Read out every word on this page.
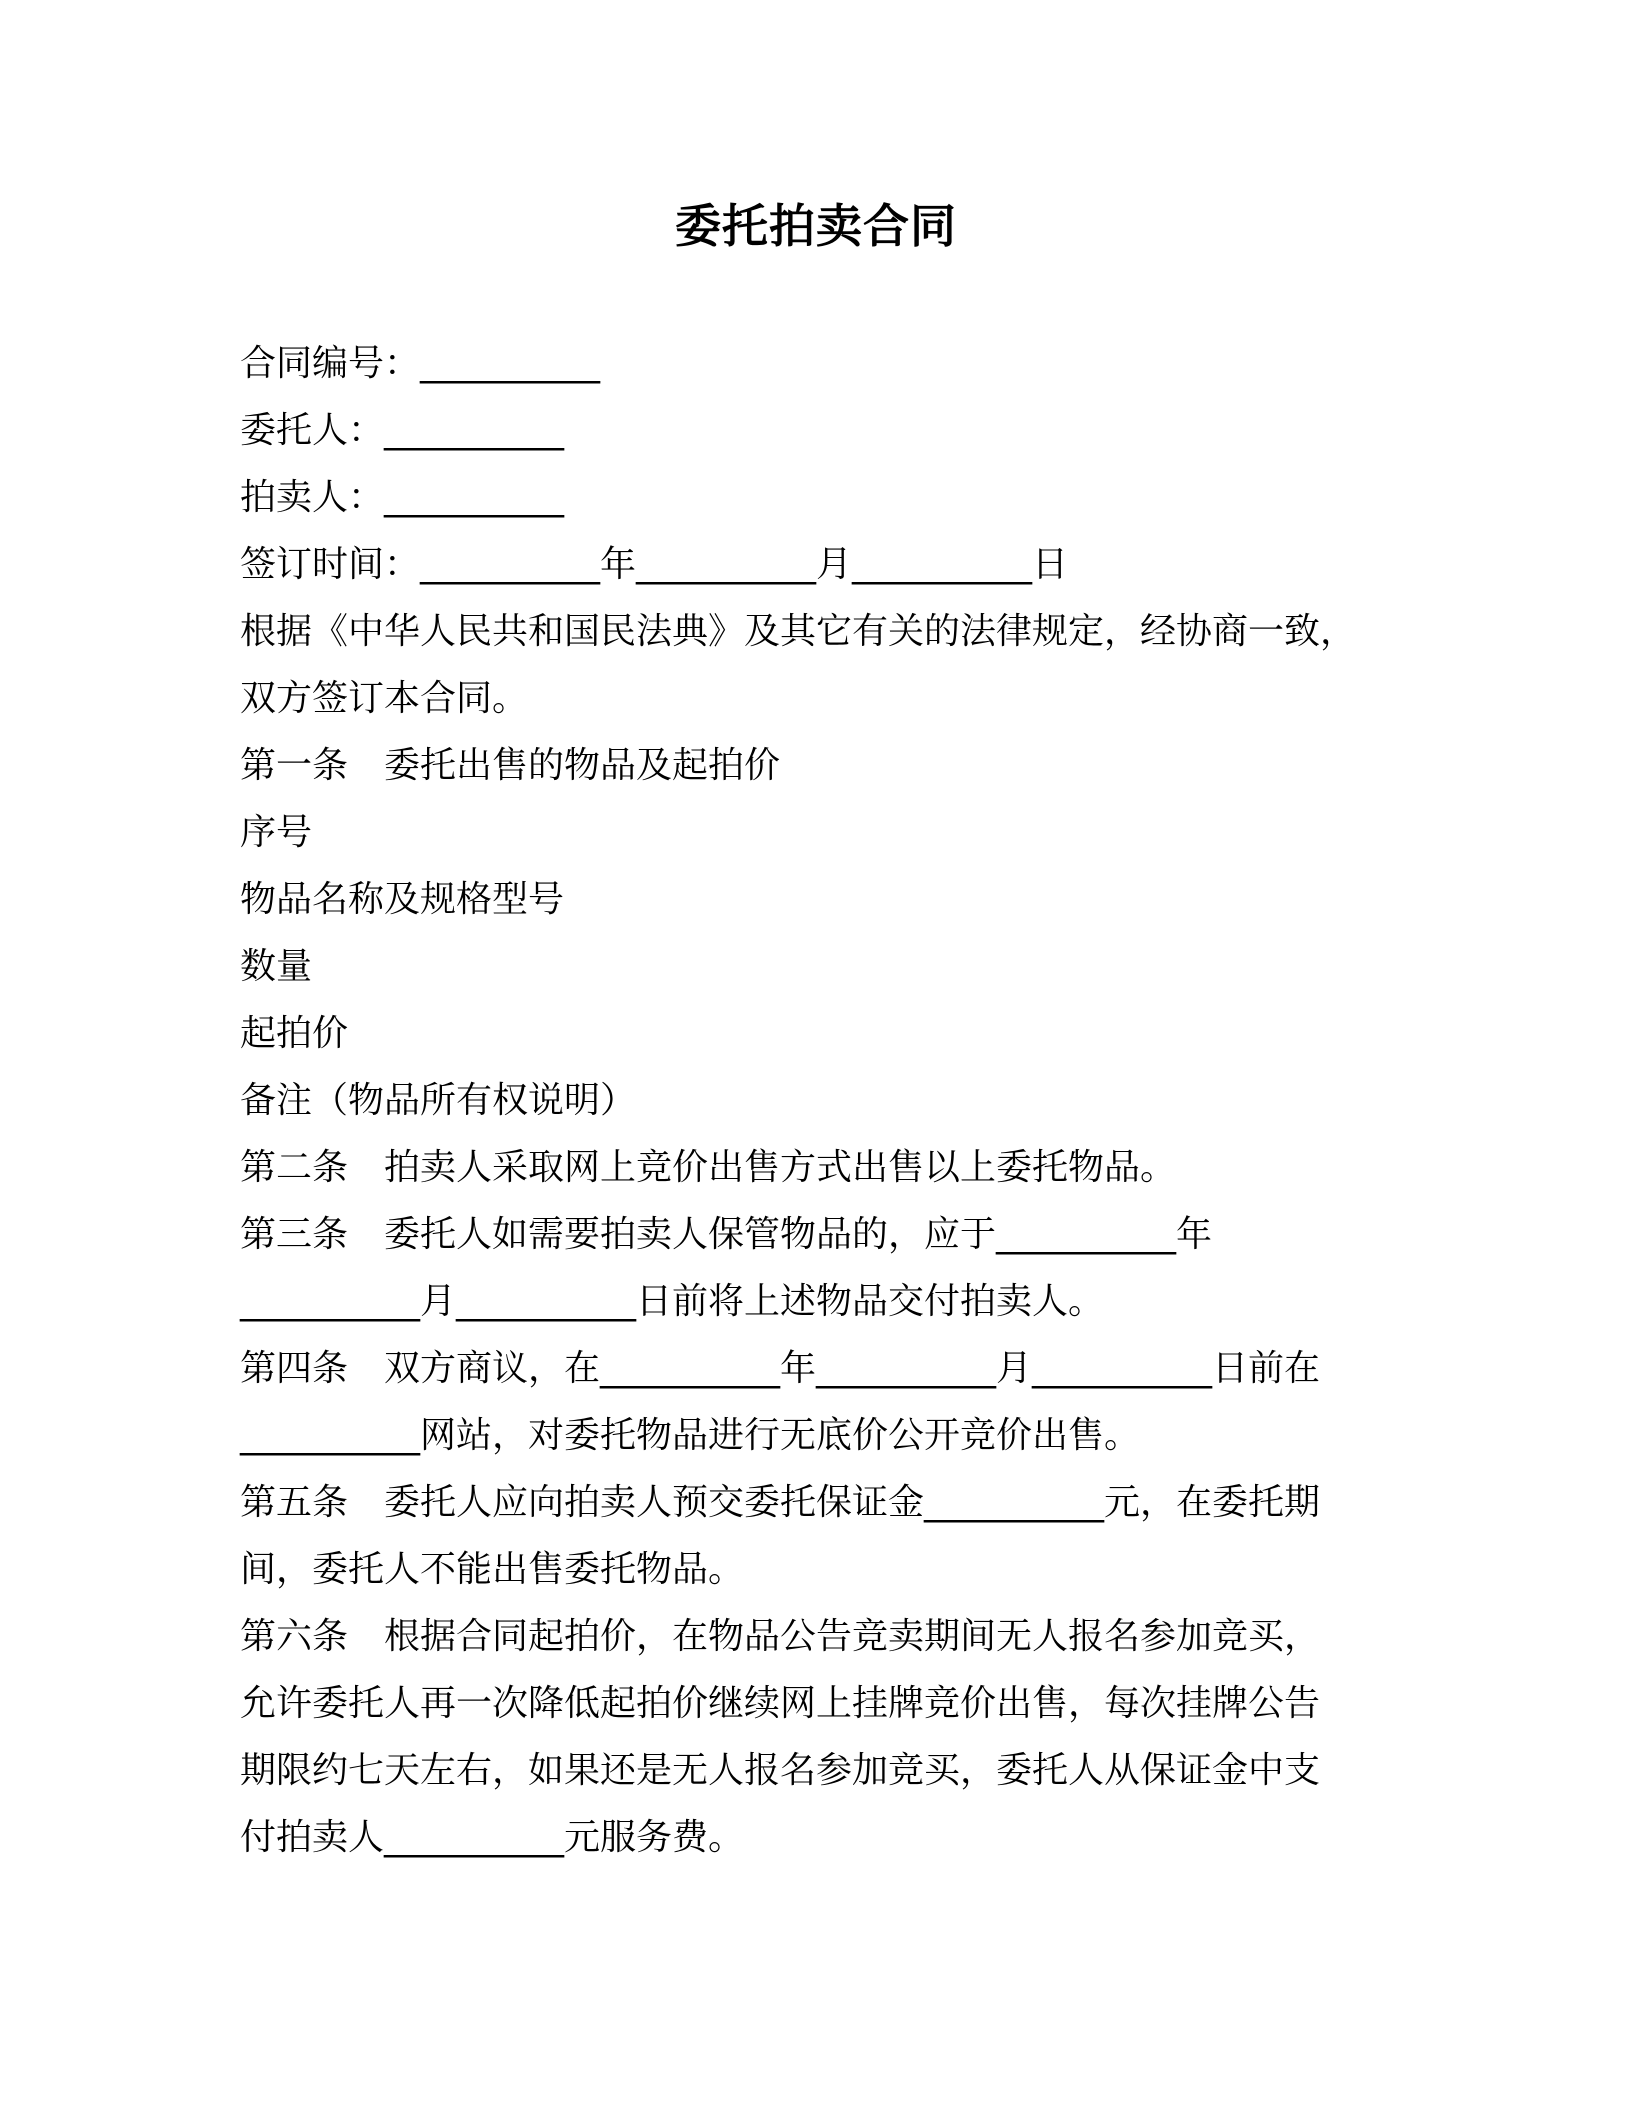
委托拍卖合同
合同编号：__________
委托人：__________
拍卖人：__________
签订时间：__________年__________月__________日
根据《中华人民共和国民法典》及其它有关的法律规定，经协商一致，
双方签订本合同。
第一条　委托出售的物品及起拍价
序号
物品名称及规格型号
数量
起拍价
备注（物品所有权说明）
第二条　拍卖人采取网上竞价出售方式出售以上委托物品。
第三条　委托人如需要拍卖人保管物品的，应于__________年
__________月__________日前将上述物品交付拍卖人。
第四条　双方商议，在__________年__________月__________日前在
__________网站，对委托物品进行无底价公开竞价出售。
第五条　委托人应向拍卖人预交委托保证金__________元，在委托期
间，委托人不能出售委托物品。
第六条　根据合同起拍价，在物品公告竞卖期间无人报名参加竞买，
允许委托人再一次降低起拍价继续网上挂牌竞价出售，每次挂牌公告
期限约七天左右，如果还是无人报名参加竞买，委托人从保证金中支
付拍卖人__________元服务费。
